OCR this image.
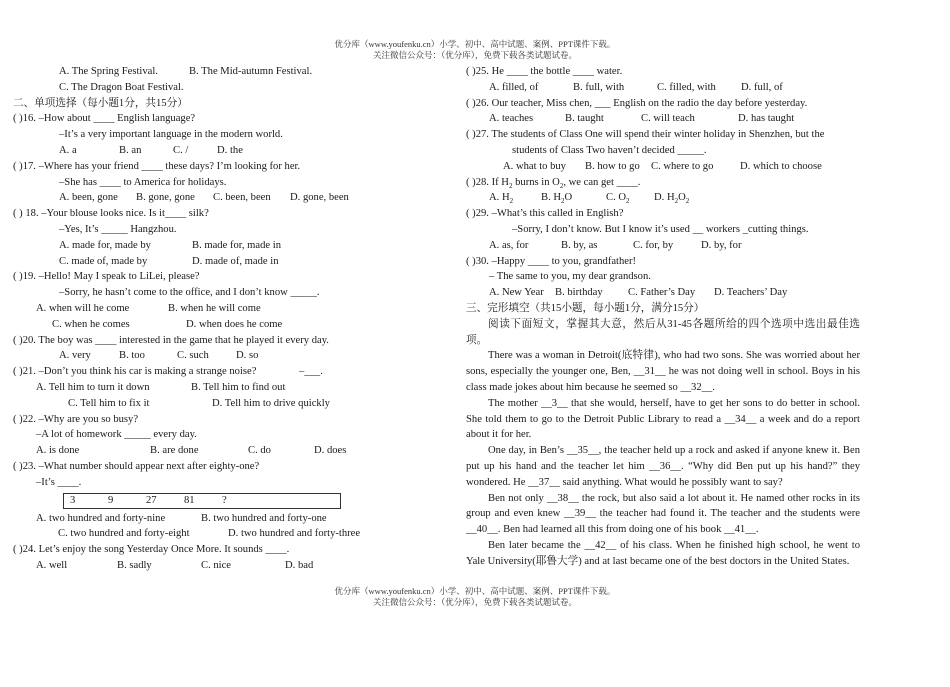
优分库（www.youfenku.cn）小学、初中、高中试题、案例、PPT课件下载。
关注微信公众号：（优分库），免费下载各类试题试卷。
A. The Spring Festival.	B. The Mid-autumn Festival.
C. The Dragon Boat Festival.
二、单项选择（每小题1分，共15分）
( )16. –How about ____ English language?
–It’s a very important language in the modern world.
A. a	B. an	C. /	D. the
( )17. –Where has your friend ____ these days? I’m looking for her.
–She has ____ to America for holidays.
A. been, gone B. gone, gone C. been, been D. gone, been
( ) 18. –Your blouse looks nice. Is it____ silk?
–Yes, It’s _____ Hangzhou.
A. made for, made by	B. made for, made in
C. made of, made by	D. made of, made in
( )19. –Hello! May I speak to LiLei, please?
–Sorry, he hasn’t come to the office, and I don’t know _____.
A. when will he come	B. when he will come
C. when he comes	D. when does he come
( )20. The boy was ____ interested in the game that he played it every day.
A. very	B. too	C. such	D. so
( )21. –Don’t you think his car is making a strange noise?	–___.
A. Tell him to turn it down	B. Tell him to find out
C. Tell him to fix it	D. Tell him to drive quickly
( )22. –Why are you so busy?
–A lot of homework _____ every day.
A. is done	B. are done	C. do	D. does
( )23. –What number should appear next after eighty-one?
–It’s ____.
3	9	27	81	?
A. two hundred and forty-nine	B. two hundred and forty-one
C. two hundred and forty-eight	D. two hundred and forty-three
( )24. Let’s enjoy the song Yesterday Once More. It sounds ____.
A. well	B. sadly	C. nice	D. bad
( )25. He ____ the bottle ____ water.
A. filled, of	B. full, with	C. filled, with D. full, of
( )26. Our teacher, Miss chen, ___ English on the radio the day before yesterday.
A. teaches	B. taught	C. will teach	D. has taught
( )27. The students of Class One will spend their winter holiday in Shenzhen, but the
students of Class Two haven’t decided _____.
A. what to buy B. how to go C. where to go	D. which to choose
( )28. If $H_2$ burns in $O_2$, we can get ____.
A. $H_2$	B. $H_2O$	C. $O_2$ D. $H_2O_2$
( )29. –What’s this called in English?
–Sorry, I don’t know. But I know it’s used __ workers _cutting things.
A. as, for	B. by, as	C. for, by	D. by, for
( )30. –Happy ____ to you, grandfather!
– The same to you, my dear grandson.
A. New Year B. birthday C. Father’s Day D. Teachers’ Day
三、完形填空（共15小题，每小题1分，满分15分）
阅读下面短文，掌握其大意，然后从31-45各题所给的四个选项中选出最佳选项。
There was a woman in Detroit(底特律), who had two sons. She was worried about her sons, especially the younger one, Ben, __31__ he was not doing well in school. Boys in his class made jokes about him because he seemed so __32__.
The mother __3__ that she would, herself, have to get her sons to do better in school. She told them to go to the Detroit Public Library to read a __34__ a week and do a report about it for her.
One day, in Ben’s __35__, the teacher held up a rock and asked if anyone knew it. Ben put up his hand and the teacher let him __36__. “Why did Ben put up his hand?” they wondered. He __37__ said anything. What would he possibly want to say?
Ben not only __38__ the rock, but also said a lot about it. He named other rocks in its group and even knew __39__ the teacher had found it. The teacher and the students were __40__. Ben had learned all this from doing one of his book __41__.
Ben later became the __42__ of his class. When he finished high school, he went to Yale University(耶鲁大学) and at last became one of the best doctors in the United States.
优分库（www.youfenku.cn）小学、初中、高中试题、案例、PPT课件下载。
关注微信公众号：（优分库），免费下载各类试题试卷。
